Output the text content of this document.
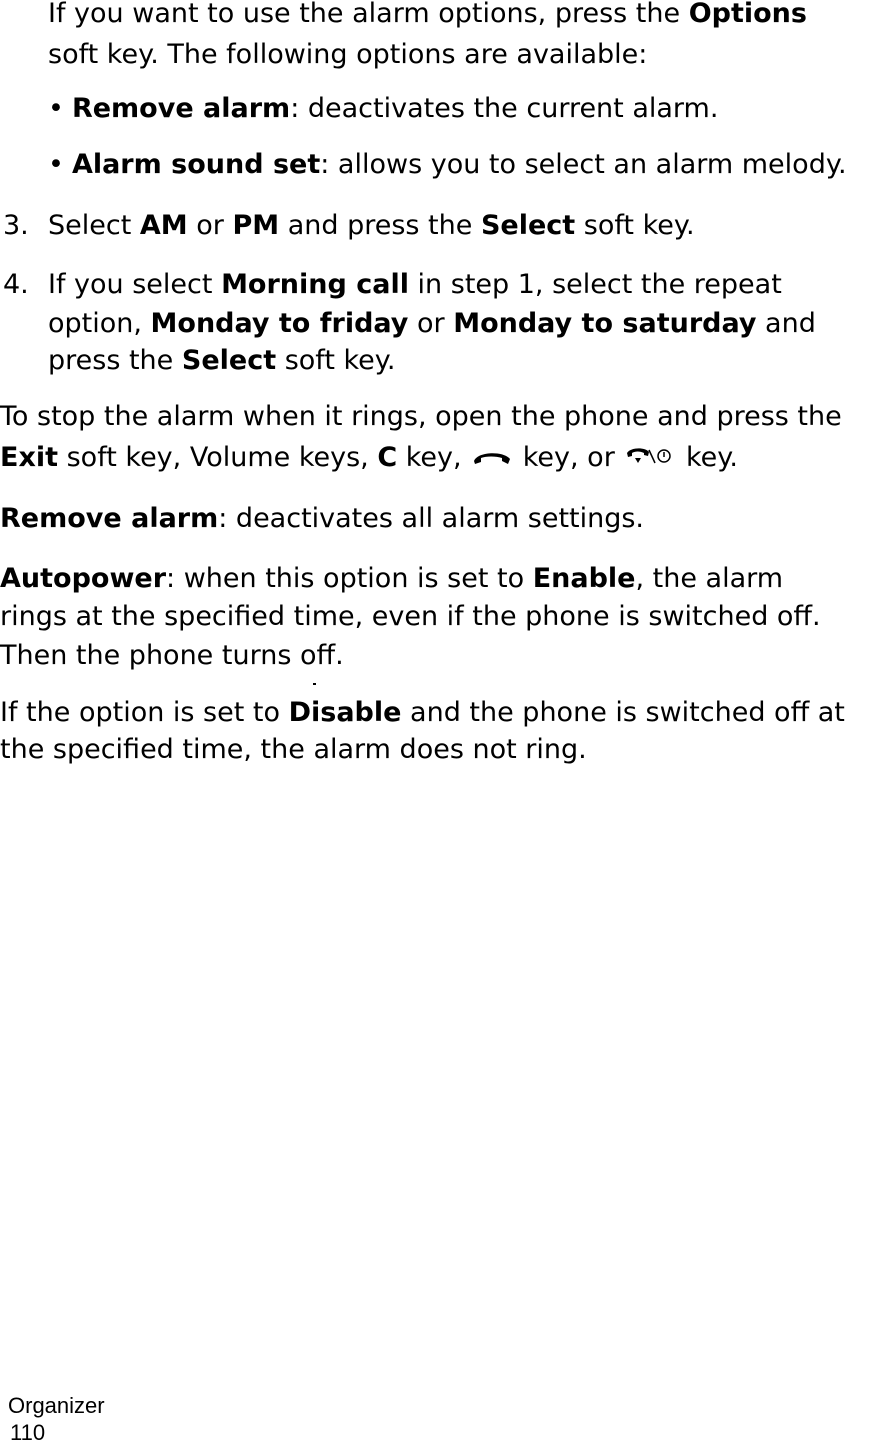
If you want to use the alarm options, press the Options
soft key. The following options are available:
• Remove alarm: deactivates the current alarm.
• Alarm sound set: allows you to select an alarm melody.
3. Select AM or PM and press the Select soft key.
4. If you select Morning call in step 1, select the repeat
option, Monday to friday or Monday to saturday and
press the Select soft key.
To stop the alarm when it rings, open the phone and press the
Exit soft key, Volume keys, C key,  key, or  key.
Remove alarm: deactivates all alarm settings.
Autopower: when this option is set to Enable, the alarm
rings at the specified time, even if the phone is switched off.
Then the phone turns off.
If the option is set to Disable and the phone is switched off at
the specified time, the alarm does not ring.
Organizer
110
